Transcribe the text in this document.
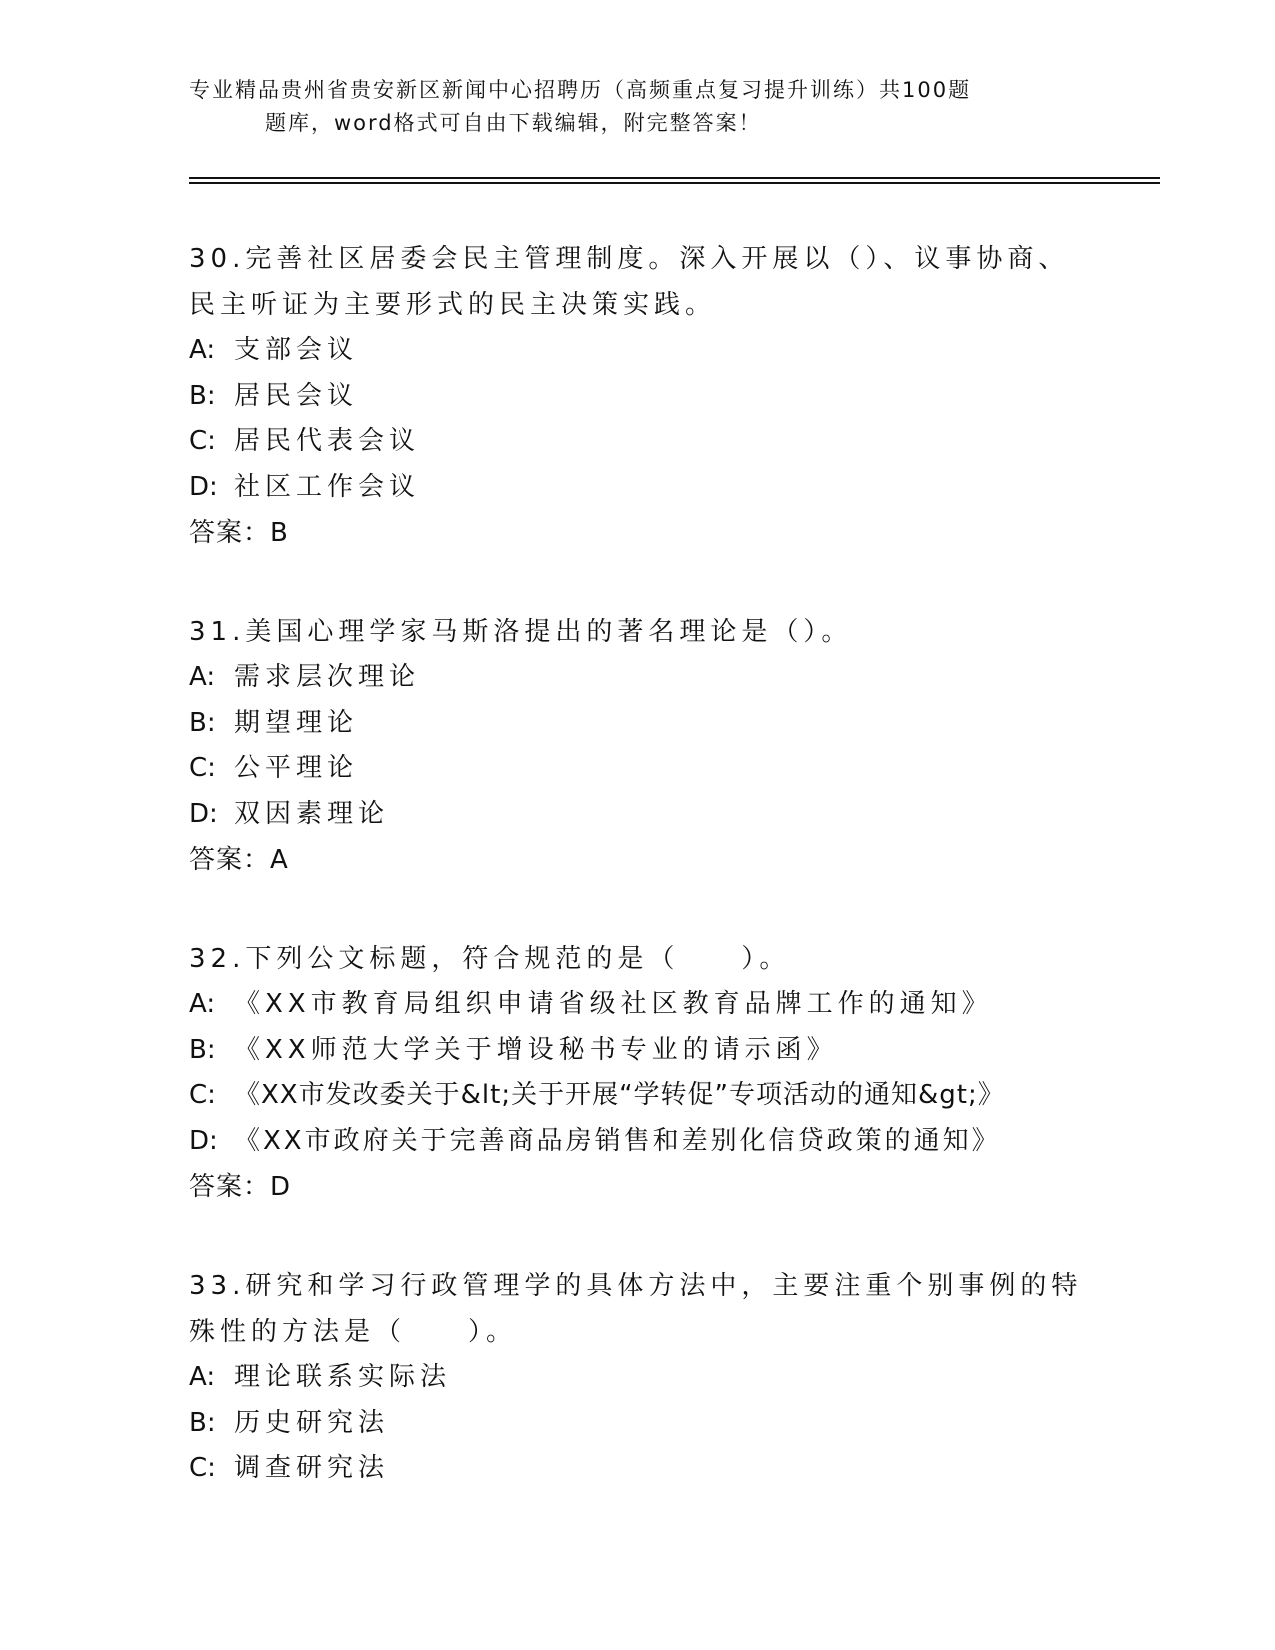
专业精品贵州省贵安新区新闻中心招聘历（高频重点复习提升训练）共100题
题库，word格式可自由下载编辑，附完整答案！

30.完善社区居委会民主管理制度。深入开展以（）、议事协商、民主听证为主要形式的民主决策实践。

A: 支部会议
B: 居民会议
C: 居民代表会议
D: 社区工作会议
答案：B

31.美国心理学家马斯洛提出的著名理论是（）。

A: 需求层次理论
B: 期望理论
C: 公平理论
D: 双因素理论
答案：A

32.下列公文标题，符合规范的是（　　）。

A: 《XX市教育局组织申请省级社区教育品牌工作的通知》
B: 《XX师范大学关于增设秘书专业的请示函》
C: 《XX市发改委关于&lt;关于开展“学转促”专项活动的通知&gt;》
D: 《XX市政府关于完善商品房销售和差别化信贷政策的通知》
答案：D

33.研究和学习行政管理学的具体方法中，主要注重个别事例的特殊性的方法是（　　）。

A: 理论联系实际法
B: 历史研究法
C: 调查研究法
